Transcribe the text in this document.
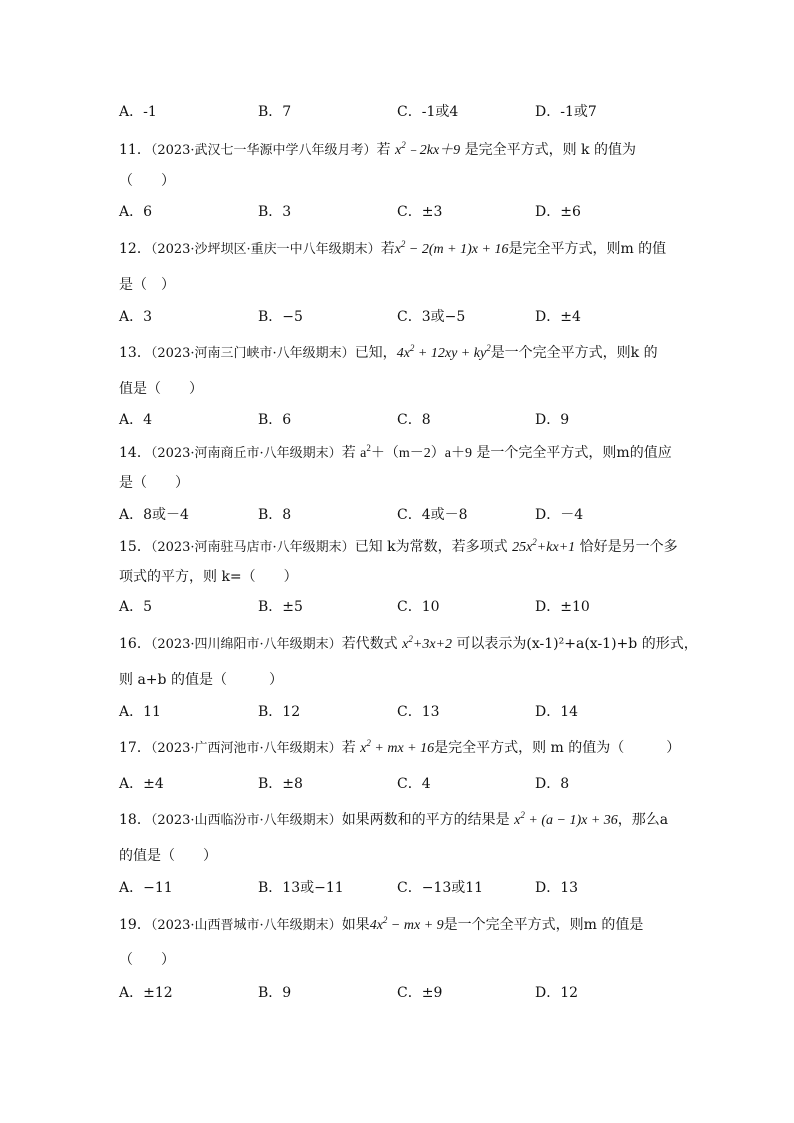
A．-1	B．7	C．-1或4	D．-1或7
11．（2023·武汉七一华源中学八年级月考）若 $x^2﹣2kx+9$ 是完全平方式，则 k 的值为
（　　）
A．6	B．3	C．±3	D．±6
12．（2023·沙坪坝区·重庆一中八年级期末）若$x^2 - 2(m + 1)x + 16$是完全平方式，则m 的值
是（　）
A．3	B．−5	C．3或−5	D．±4
13．（2023·河南三门峡市·八年级期末）已知，$4x^2 + 12xy + ky^2$是一个完全平方式，则k 的
值是（　　）
A．4	B．6	C．8	D．9
14．（2023·河南商丘市·八年级期末）若 $a^2+(m-2)a+9$ 是一个完全平方式，则m的值应
是（　　）
A．8或－4	B．8	C．4或－8	D．－4
15．（2023·河南驻马店市·八年级期末）已知 k为常数，若多项式 $25x^2+kx+1$ 恰好是另一个多
项式的平方，则 k=（　　）
A．5	B．±5	C．10	D．±10
16．（2023·四川绵阳市·八年级期末）若代数式 $x^2+3x+2$ 可以表示为(x-1)²+a(x-1)+b 的形式，
则 a+b 的值是（　　　）
A．11	B．12	C．13	D．14
17．（2023·广西河池市·八年级期末）若 $x^2$ + mx + 16是完全平方式，则 m 的值为（　　　）
A．±4	B．±8	C．4	D．8
18．（2023·山西临汾市·八年级期末）如果两数和的平方的结果是 $x^2 + (a - 1)x + 36$，那么a
的值是（　　）
A．−11	B．13或−11	C．−13或11	D．13
19．（2023·山西晋城市·八年级期末）如果$4x^2$ − mx + 9是一个完全平方式，则m 的值是
（　　）
A．±12	B．9	C．±9	D．12
